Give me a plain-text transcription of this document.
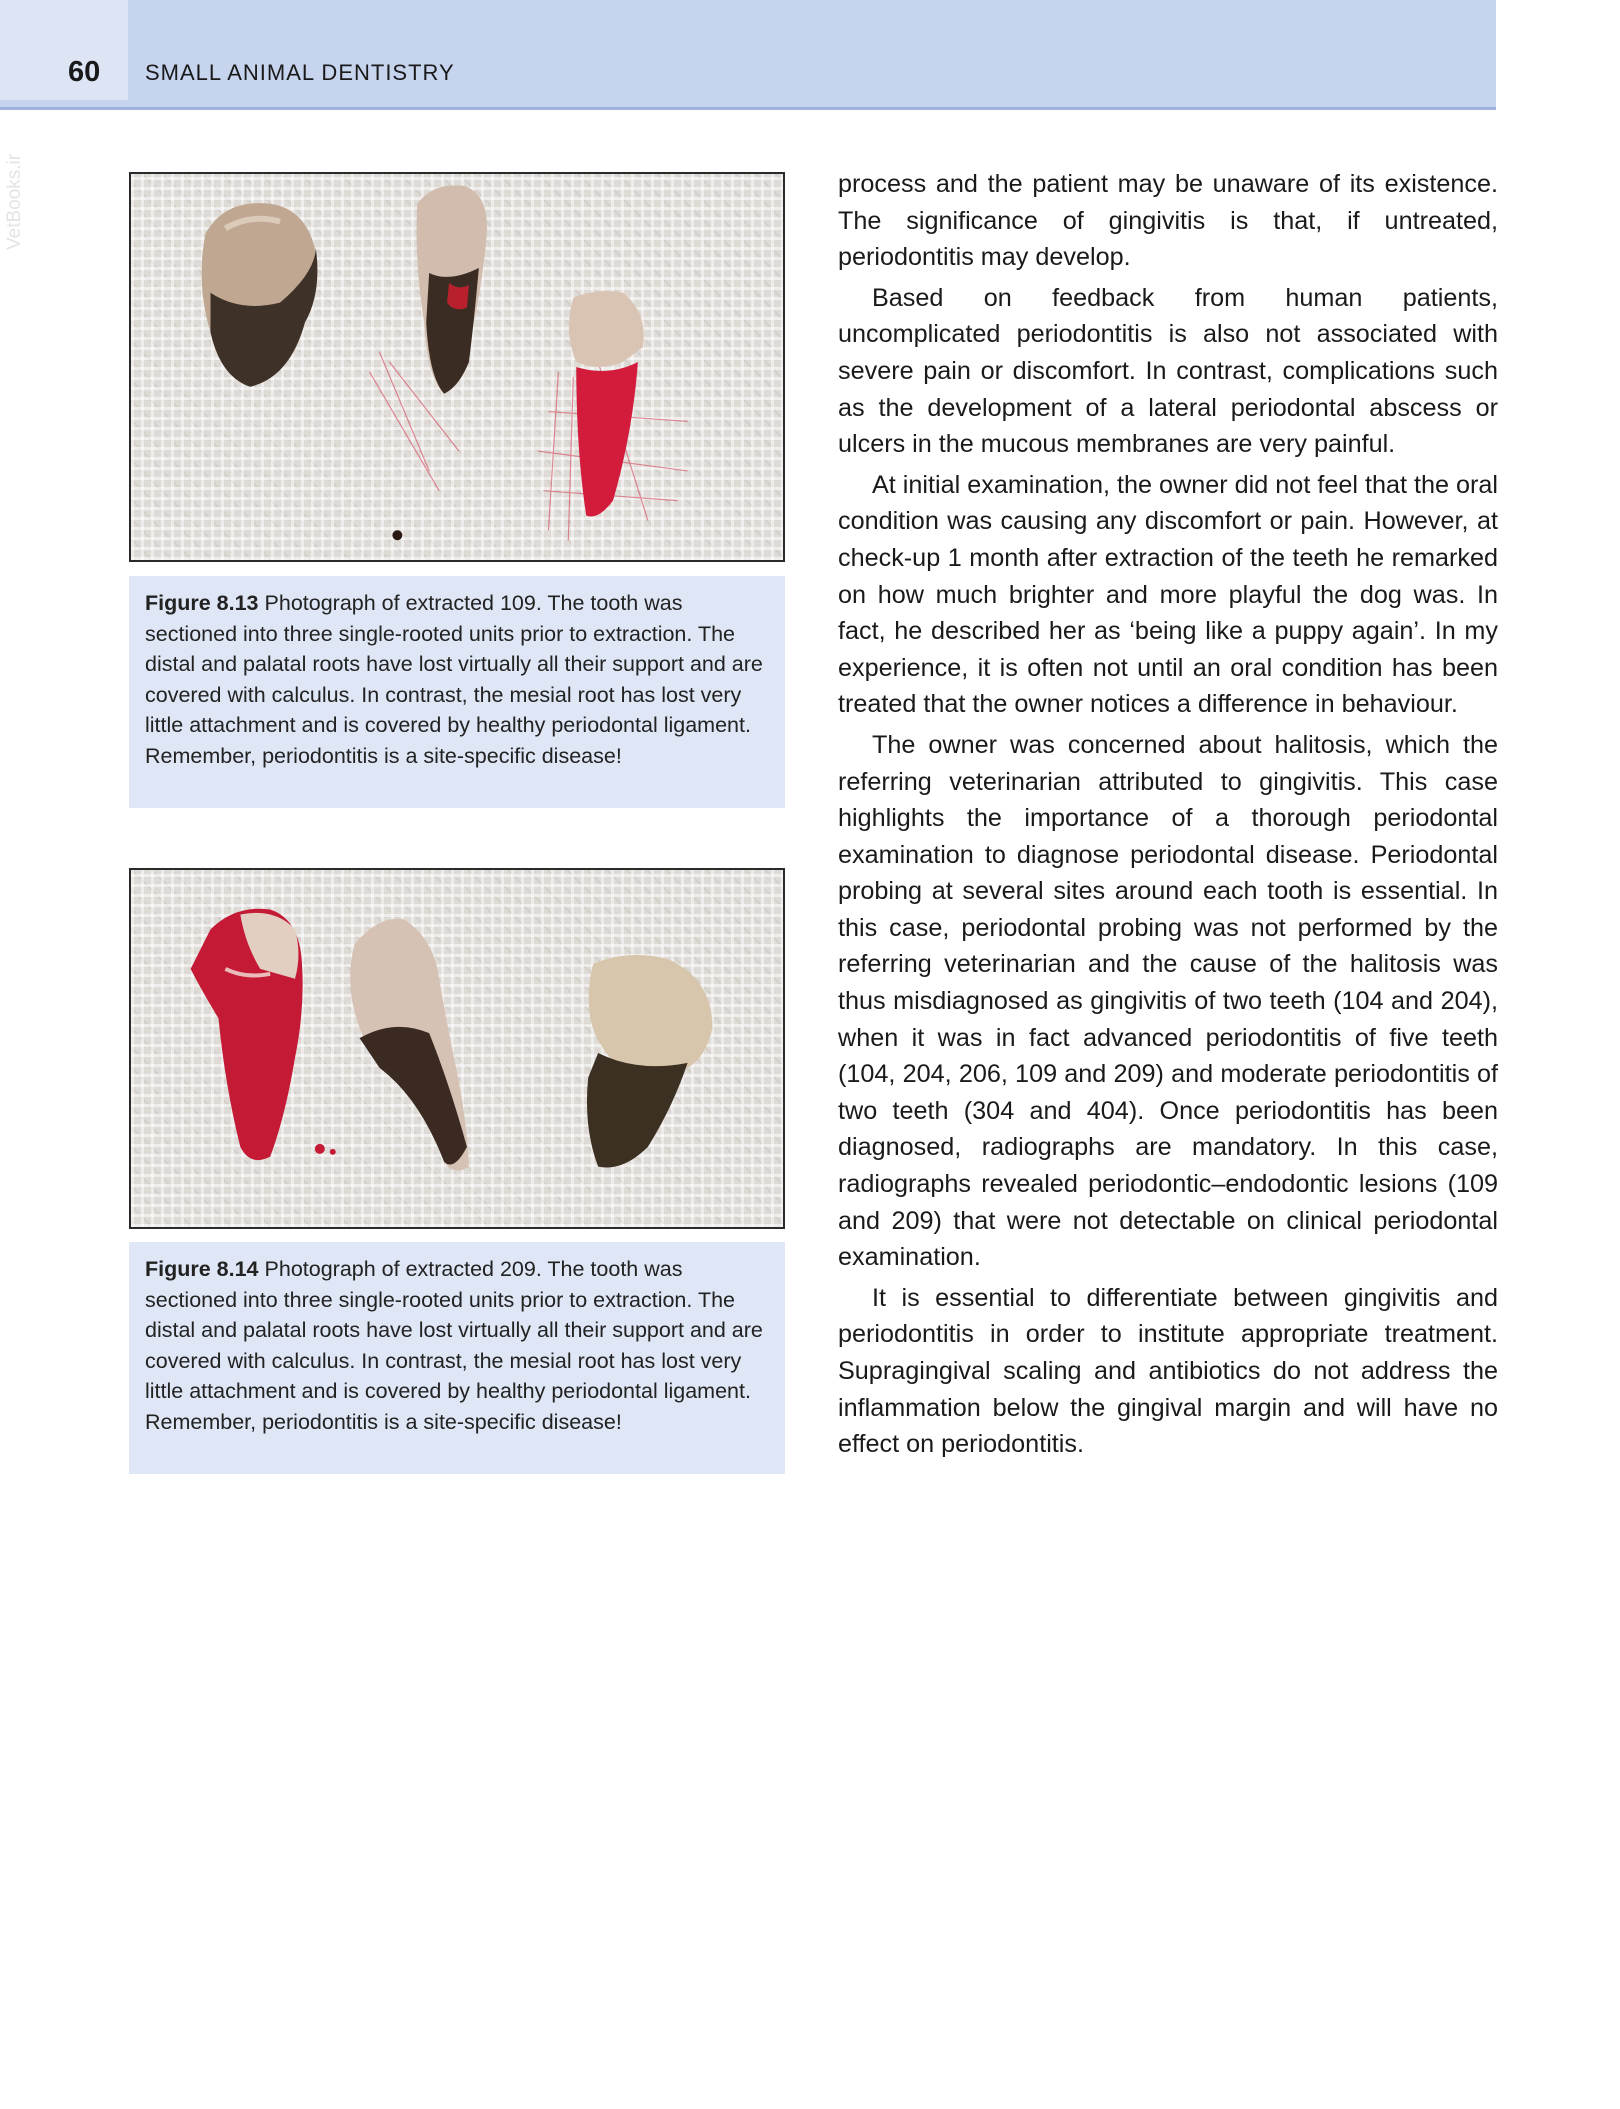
60 SMALL ANIMAL DENTISTRY
VetBooks.ir
Figure 8.13 Photograph of extracted 109. The tooth was sectioned into three single-rooted units prior to extraction. The distal and palatal roots have lost virtually all their support and are covered with calculus. In contrast, the mesial root has lost very little attachment and is covered by healthy periodontal ligament. Remember, periodontitis is a site-specific disease!
Figure 8.14 Photograph of extracted 209. The tooth was sectioned into three single-rooted units prior to extraction. The distal and palatal roots have lost virtually all their support and are covered with calculus. In contrast, the mesial root has lost very little attachment and is covered by healthy periodontal ligament. Remember, periodontitis is a site-specific disease!

process and the patient may be unaware of its existence. The significance of gingivitis is that, if untreated, periodontitis may develop.

Based on feedback from human patients, uncomplicated periodontitis is also not associated with severe pain or discomfort. In contrast, complications such as the development of a lateral periodontal abscess or ulcers in the mucous membranes are very painful.

At initial examination, the owner did not feel that the oral condition was causing any discomfort or pain. However, at check-up 1 month after extraction of the teeth he remarked on how much brighter and more playful the dog was. In fact, he described her as ‘being like a puppy again’. In my experience, it is often not until an oral condition has been treated that the owner notices a difference in behaviour.

The owner was concerned about halitosis, which the referring veterinarian attributed to gingivitis. This case highlights the importance of a thorough periodontal examination to diagnose periodontal disease. Periodontal probing at several sites around each tooth is essential. In this case, periodontal probing was not performed by the referring veterinarian and the cause of the halitosis was thus misdiagnosed as gingivitis of two teeth (104 and 204), when it was in fact advanced periodontitis of five teeth (104, 204, 206, 109 and 209) and moderate periodontitis of two teeth (304 and 404). Once periodontitis has been diagnosed, radiographs are mandatory. In this case, radiographs revealed periodontic–endodontic lesions (109 and 209) that were not detectable on clinical periodontal examination.

It is essential to differentiate between gingivitis and periodontitis in order to institute appropriate treatment. Supragingival scaling and antibiotics do not address the inflammation below the gingival margin and will have no effect on periodontitis.
